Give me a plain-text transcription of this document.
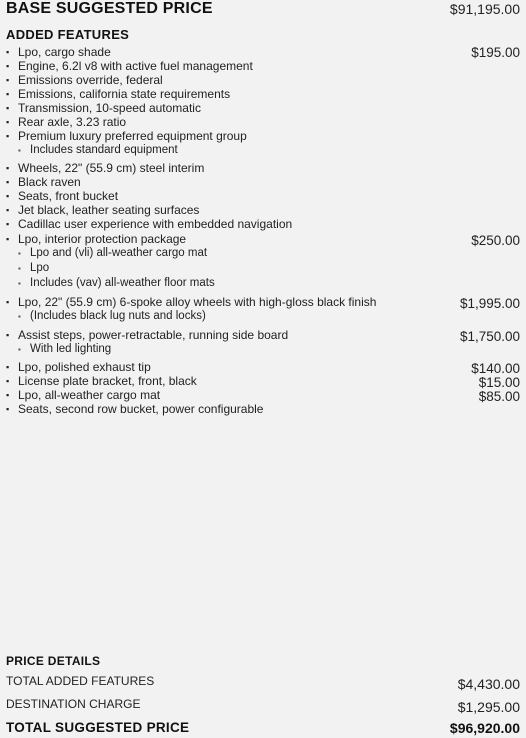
BASE SUGGESTED PRICE	$91,195.00
ADDED FEATURES
▪ Lpo, cargo shade	$195.00
▪ Engine, 6.2l v8 with active fuel management
▪ Emissions override, federal
▪ Emissions, california state requirements
▪ Transmission, 10-speed automatic
▪ Rear axle, 3.23 ratio
▪ Premium luxury preferred equipment group
▪ Includes standard equipment
▪ Wheels, 22" (55.9 cm) steel interim
▪ Black raven
▪ Seats, front bucket
▪ Jet black, leather seating surfaces
▪ Cadillac user experience with embedded navigation
▪ Lpo, interior protection package	$250.00
▪ Lpo and (vli) all-weather cargo mat
▪ Lpo
▪ Includes (vav) all-weather floor mats
▪ Lpo, 22" (55.9 cm) 6-spoke alloy wheels with high-gloss black finish	$1,995.00
▪ (Includes black lug nuts and locks)
▪ Assist steps, power-retractable, running side board	$1,750.00
▪ With led lighting
▪ Lpo, polished exhaust tip	$140.00
▪ License plate bracket, front, black	$15.00
▪ Lpo, all-weather cargo mat	$85.00
▪ Seats, second row bucket, power configurable
PRICE DETAILS
TOTAL ADDED FEATURES	$4,430.00
DESTINATION CHARGE	$1,295.00
TOTAL SUGGESTED PRICE	$96,920.00
